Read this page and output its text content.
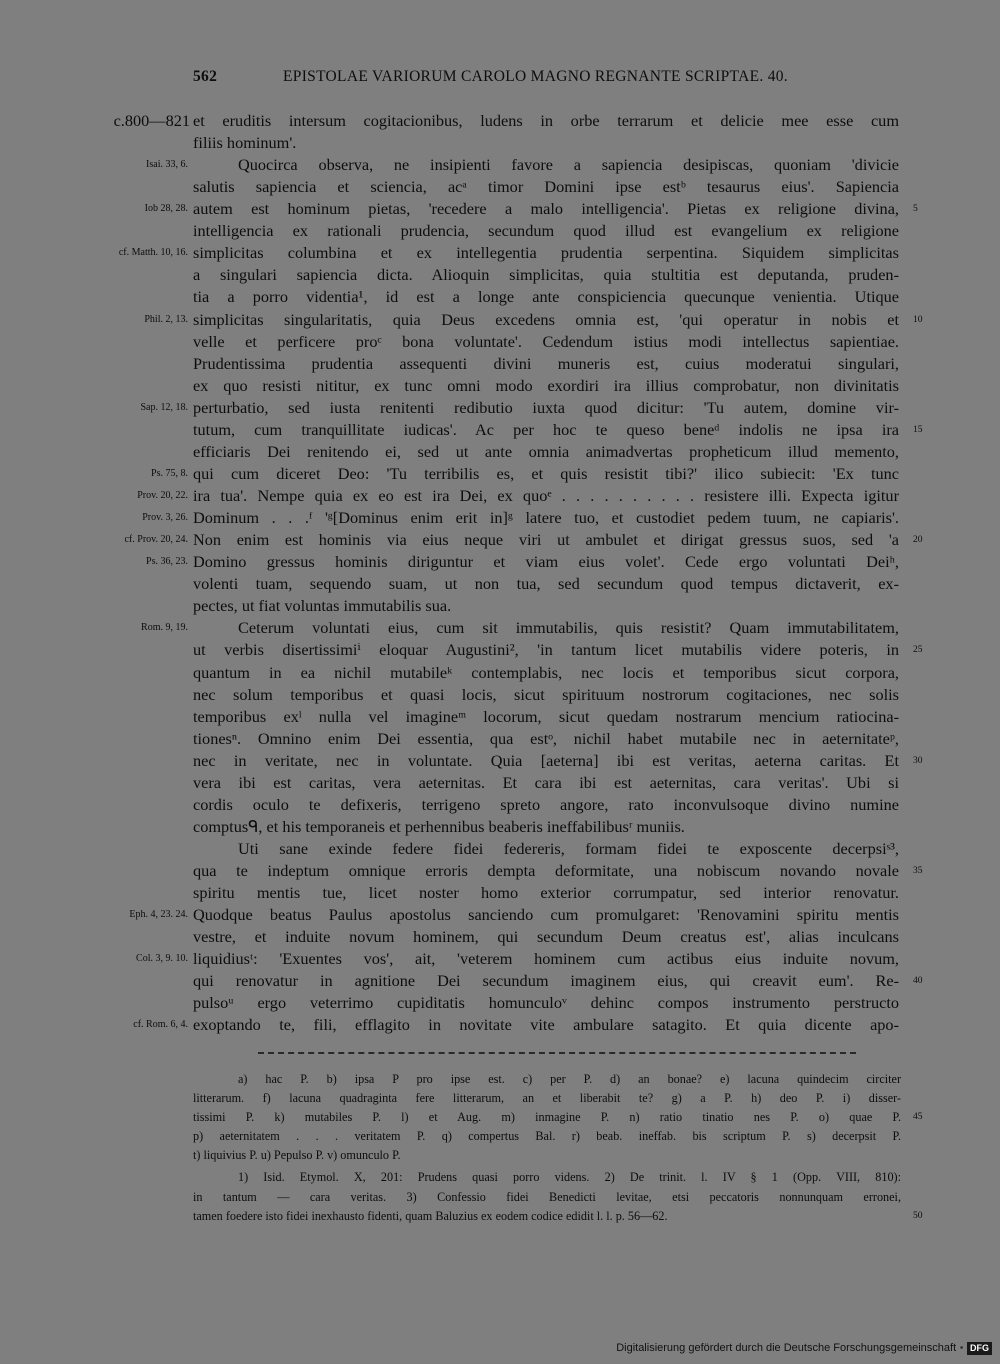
562	EPISTOLAE VARIORUM CAROLO MAGNO REGNANTE SCRIPTAE. 40.
c.800—821 et eruditis intersum cogitacionibus, ludens in orbe terrarum et delicie mee esse cum
filiis hominum'.
Isai. 33, 6.	Quocirca observa, ne insipienti favore a sapiencia desipiscas, quoniam 'divicie
salutis sapiencia et sciencia, acᵃ timor Domini ipse estᵇ tesaurus eius'. Sapiencia
Iob 28, 28. autem est hominum pietas, 'recedere a malo intelligencia'. Pietas ex religione divina, 5
intelligencia ex rationali prudencia, secundum quod illud est evangelium ex religione
cf. Matth. 10, 16. simplicitas columbina et ex intellegentia prudentia serpentina. Siquidem simplicitas
a singulari sapiencia dicta. Alioquin simplicitas, quia stultitia est deputanda, pruden-
tia a porro videntia¹, id est a longe ante conspiciencia quecunque venientia. Utique
Phil. 2, 13. simplicitas singularitatis, quia Deus excedens omnia est, 'qui operatur in nobis et 10
velle et perficere proᶜ bona voluntate'. Cedendum istius modi intellectus sapientiae.
Prudentissima prudentia assequenti divini muneris est, cuius moderatui singulari,
ex quo resisti nititur, ex tunc omni modo exordiri ira illius comprobatur, non divinitatis
Sap. 12, 18. perturbatio, sed iusta renitenti redibutio iuxta quod dicitur: 'Tu autem, domine vir-
tutum, cum tranquillitate iudicas'. Ac per hoc te queso beneᵈ indolis ne ipsa ira 15
efficiaris Dei renitendo ei, sed ut ante omnia animadvertas propheticum illud memento,
Ps. 75, 8. qui cum diceret Deo: 'Tu terribilis es, et quis resistit tibi?' ilico subiecit: 'Ex tunc
Prov. 20, 22. ira tua'. Nempe quia ex eo est ira Dei, ex quoᵉ . . . . . . . . . . resistere illi. Expecta igitur
Prov. 3, 26. Dominum . . .ᶠ 'ᵍ[Dominus enim erit in]ᵍ latere tuo, et custodiet pedem tuum, ne capiaris'.
cf. Prov. 20, 24. Non enim est hominis via eius neque viri ut ambulet et dirigat gressus suos, sed 'a 20
Ps. 36, 23. Domino gressus hominis diriguntur et viam eius volet'. Cede ergo voluntati Deiʰ,
volenti tuam, sequendo suam, ut non tua, sed secundum quod tempus dictaverit, ex-
pectes, ut fiat voluntas immutabilis sua.
Rom. 9, 19.	Ceterum voluntati eius, cum sit immutabilis, quis resistit? Quam immutabilitatem,
ut verbis disertissimiⁱ eloquar Augustini², 'in tantum licet mutabilis videre poteris, in 25
quantum in ea nichil mutabileᵏ contemplabis, nec locis et temporibus sicut corpora,
nec solum temporibus et quasi locis, sicut spirituum nostrorum cogitaciones, nec solis
temporibus exˡ nulla vel imagineᵐ locorum, sicut quedam nostrarum mencium ratiocina-
tionesⁿ. Omnino enim Dei essentia, qua estᵒ, nichil habet mutabile nec in aeternitateᵖ,
nec in veritate, nec in voluntate. Quia [aeterna] ibi est veritas, aeterna caritas. Et 30
vera ibi est caritas, vera aeternitas. Et cara ibi est aeternitas, cara veritas'. Ubi si
cordis oculo te defixeris, terrigeno spreto angore, rato inconvulsoque divino numine
comptusᑫ, et his temporaneis et perhennibus beaberis ineffabilibusʳ muniis.
Uti sane exinde federe fidei federeris, formam fidei te exposcente decerpsiˢ³,
qua te indeptum omnique erroris dempta deformitate, una nobiscum novando novale 35
spiritu mentis tue, licet noster homo exterior corrumpatur, sed interior renovatur.
Eph. 4, 23. 24. Quodque beatus Paulus apostolus sanciendo cum promulgaret: 'Renovamini spiritu mentis
vestre, et induite novum hominem, qui secundum Deum creatus est', alias inculcans
Col. 3, 9. 10. liquidiusᵗ: 'Exuentes vos', ait, 'veterem hominem cum actibus eius induite novum,
qui renovatur in agnitione Dei secundum imaginem eius, qui creavit eum'. Re- 40
pulsoᵘ ergo veterrimo cupiditatis homunculoᵛ dehinc compos instrumento perstructo
cf. Rom. 6, 4. exoptando te, fili, efflagito in novitate vite ambulare satagito. Et quia dicente apo-
a) hac P. b) ipsa P pro ipse est. c) per P. d) an bonae? e) lacuna quindecim circiter
litterarum. f) lacuna quadraginta fere litterarum, an et liberabit te? g) a P. h) deo P. i) disser-
tissimi P. k) mutabiles P. l) et Aug. m) inmagine P. n) ratio tinatio nes P. o) quae P. 45
p) aeternitatem . . . veritatem P. q) compertus Bal. r) beab. ineffab. bis scriptum P. s) decerpsit P.
t) liquivius P. u) Pepulso P. v) omunculo P.
1) Isid. Etymol. X, 201: Prudens quasi porro videns. 2) De trinit. l. IV § 1 (Opp. VIII, 810):
in tantum — cara veritas. 3) Confessio fidei Benedicti levitae, etsi peccatoris nonnunquam erronei,
tamen foedere isto fidei inexhausto fidenti, quam Baluzius ex eodem codice edidit l. l. p. 56—62.	50
Digitalisierung gefördert durch die Deutsche Forschungsgemeinschaft ▪ DFG
